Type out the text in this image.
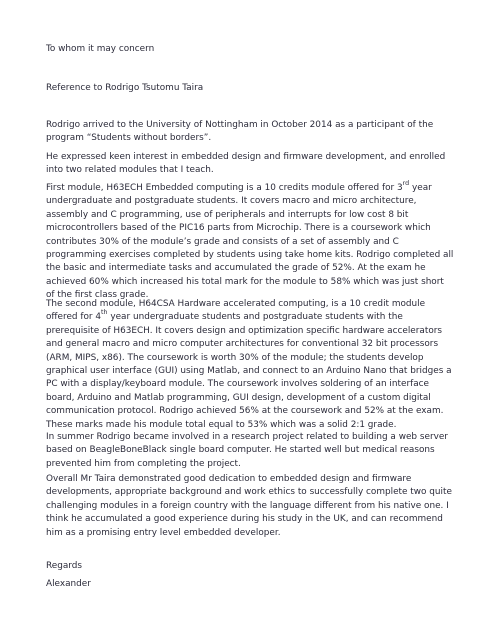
To whom it may concern

Reference to Rodrigo Tsutomu Taira

Rodrigo arrived to the University of Nottingham in October 2014 as a participant of the program “Students without borders”.

He expressed keen interest in embedded design and firmware development, and enrolled into two related modules that I teach.

First module, H63ECH Embedded computing is a 10 credits module offered for 3rd year undergraduate and postgraduate students. It covers macro and micro architecture, assembly and C programming, use of peripherals and interrupts for low cost 8 bit microcontrollers based of the PIC16 parts from Microchip. There is a coursework which contributes 30% of the module’s grade and consists of a set of assembly and C programming exercises completed by students using take home kits. Rodrigo completed all the basic and intermediate tasks and accumulated the grade of 52%. At the exam he achieved 60% which increased his total mark for the module to 58% which was just short of the first class grade.

The second module, H64CSA Hardware accelerated computing, is a 10 credit module offered for 4th year undergraduate students and postgraduate students with the prerequisite of H63ECH. It covers design and optimization specific hardware accelerators and general macro and micro computer architectures for conventional 32 bit processors (ARM, MIPS, x86). The coursework is worth 30% of the module; the students develop graphical user interface (GUI) using Matlab, and connect to an Arduino Nano that bridges a PC with a display/keyboard module. The coursework involves soldering of an interface board, Arduino and Matlab programming, GUI design, development of a custom digital communication protocol. Rodrigo achieved 56% at the coursework and 52% at the exam. These marks made his module total equal to 53% which was a solid 2:1 grade.

In summer Rodrigo became involved in a research project related to building a web server based on BeagleBoneBlack single board computer. He started well but medical reasons prevented him from completing the project.

Overall Mr Taira demonstrated good dedication to embedded design and firmware developments, appropriate background and work ethics to successfully complete two quite challenging modules in a foreign country with the language different from his native one. I think he accumulated a good experience during his study in the UK, and can recommend him as a promising entry level embedded developer.

Regards

Alexander
